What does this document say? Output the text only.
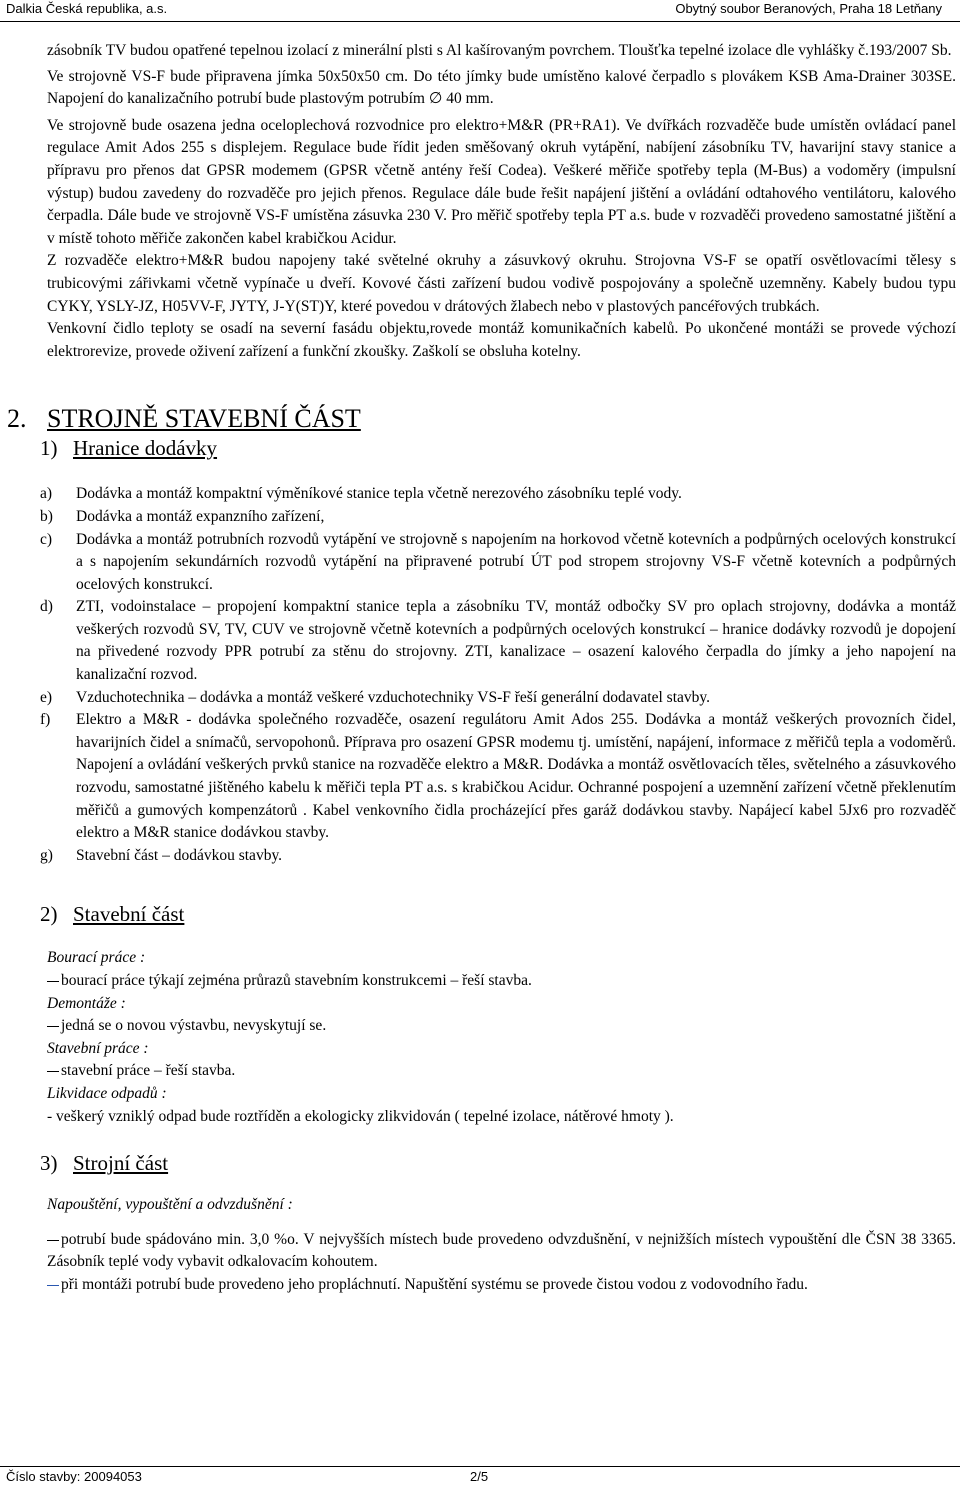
Dalkia Česká republika, a.s.	Obytný soubor Beranových, Praha 18 Letňany

zásobník TV budou opatřené tepelnou izolací z minerální plsti s Al kašírovaným povrchem. Tloušťka tepelné izolace dle vyhlášky č.193/2007 Sb.

Ve strojovně VS-F bude připravena jímka 50x50x50 cm. Do této jímky bude umístěno kalové čerpadlo s plovákem KSB Ama-Drainer 303SE. Napojení do kanalizačního potrubí bude plastovým potrubím ∅ 40 mm.

Ve strojovně bude osazena jedna oceloplechová rozvodnice pro elektro+M&R (PR+RA1). Ve dvířkách rozvaděče bude umístěn ovládací panel regulace Amit Ados 255 s displejem. Regulace bude řídit jeden směšovaný okruh vytápění, nabíjení zásobníku TV, havarijní stavy stanice a přípravu pro přenos dat GPSR modemem (GPSR včetně antény řeší Codea). Veškeré měřiče spotřeby tepla (M-Bus) a vodoměry (impulsní výstup) budou zavedeny do rozvaděče pro jejich přenos. Regulace dále bude řešit napájení jištění a ovládání odtahového ventilátoru, kalového čerpadla. Dále bude ve strojovně VS-F umístěna zásuvka 230 V. Pro měřič spotřeby tepla PT a.s. bude v rozvaděči provedeno samostatné jištění a v místě tohoto měřiče zakončen kabel krabičkou Acidur.

Z rozvaděče elektro+M&R budou napojeny také světelné okruhy a zásuvkový okruhu. Strojovna VS-F se opatří osvětlovacími tělesy s trubicovými zářivkami včetně vypínače u dveří. Kovové části zařízení budou vodivě pospojovány a společně uzemněny. Kabely budou typu CYKY, YSLY-JZ, H05VV-F, JYTY, J-Y(ST)Y, které povedou v drátových žlabech nebo v plastových pancéřových trubkách.

Venkovní čidlo teploty se osadí na severní fasádu objektu,rovede montáž komunikačních kabelů. Po ukončené montáži se provede výchozí elektrorevize, provede oživení zařízení a funkční zkoušky. Zaškolí se obsluha kotelny.

2. STROJNĚ STAVEBNÍ ČÁST
1) Hranice dodávky
a)	Dodávka a montáž kompaktní výměníkové stanice tepla včetně nerezového zásobníku teplé vody.
b)	Dodávka a montáž expanzního zařízení,
c)	Dodávka a montáž potrubních rozvodů vytápění ve strojovně s napojením na horkovod včetně kotevních a podpůrných ocelových konstrukcí a s napojením sekundárních rozvodů vytápění na připravené potrubí ÚT pod stropem strojovny VS-F včetně kotevních a podpůrných ocelových konstrukcí.
d)	ZTI, vodoinstalace – propojení kompaktní stanice tepla a zásobníku TV, montáž odbočky SV pro oplach strojovny, dodávka a montáž veškerých rozvodů SV, TV, CUV ve strojovně včetně kotevních a podpůrných ocelových konstrukcí – hranice dodávky rozvodů je dopojení na přivedené rozvody PPR potrubí za stěnu do strojovny. ZTI, kanalizace – osazení kalového čerpadla do jímky a jeho napojení na kanalizační rozvod.
e)	Vzduchotechnika – dodávka a montáž veškeré vzduchotechniky VS-F řeší generální dodavatel stavby.
f)	Elektro a M&R - dodávka společného rozvaděče, osazení regulátoru Amit Ados 255. Dodávka a montáž veškerých provozních čidel, havarijních čidel a snímačů, servopohonů. Příprava pro osazení GPSR modemu tj. umístění, napájení, informace z měřičů tepla a vodoměrů. Napojení a ovládání veškerých prvků stanice na rozvaděče elektro a M&R. Dodávka a montáž osvětlovacích těles, světelného a zásuvkového rozvodu, samostatné jištěného kabelu k měřiči tepla PT a.s. s krabičkou Acidur. Ochranné pospojení a uzemnění zařízení včetně překlenutím měřičů a gumových kompenzátorů . Kabel venkovního čidla procházející přes garáž dodávkou stavby. Napájecí kabel 5Jx6 pro rozvaděč elektro a M&R stanice dodávkou stavby.
g)	Stavební část – dodávkou stavby.
2) Stavební část

Bourací práce :

bourací práce týkají zejména průrazů stavebním konstrukcemi – řeší stavba.

Demontáže :

jedná se o novou výstavbu, nevyskytují se.

Stavební práce :

stavební práce – řeší stavba.

Likvidace odpadů :

- veškerý vzniklý odpad bude roztříděn a ekologicky zlikvidován ( tepelné izolace, nátěrové hmoty ).

3) Strojní část

Napouštění, vypouštění a odvzdušnění :

potrubí bude spádováno min. 3,0 %o. V nejvyšších místech bude provedeno odvzdušnění, v nejnižších místech vypouštění dle ČSN 38 3365. Zásobník teplé vody vybavit odkalovacím kohoutem.

při montáži potrubí bude provedeno jeho propláchnutí. Napuštění systému se provede čistou vodou z vodovodního řadu.

Číslo stavby: 20094053	2/5
